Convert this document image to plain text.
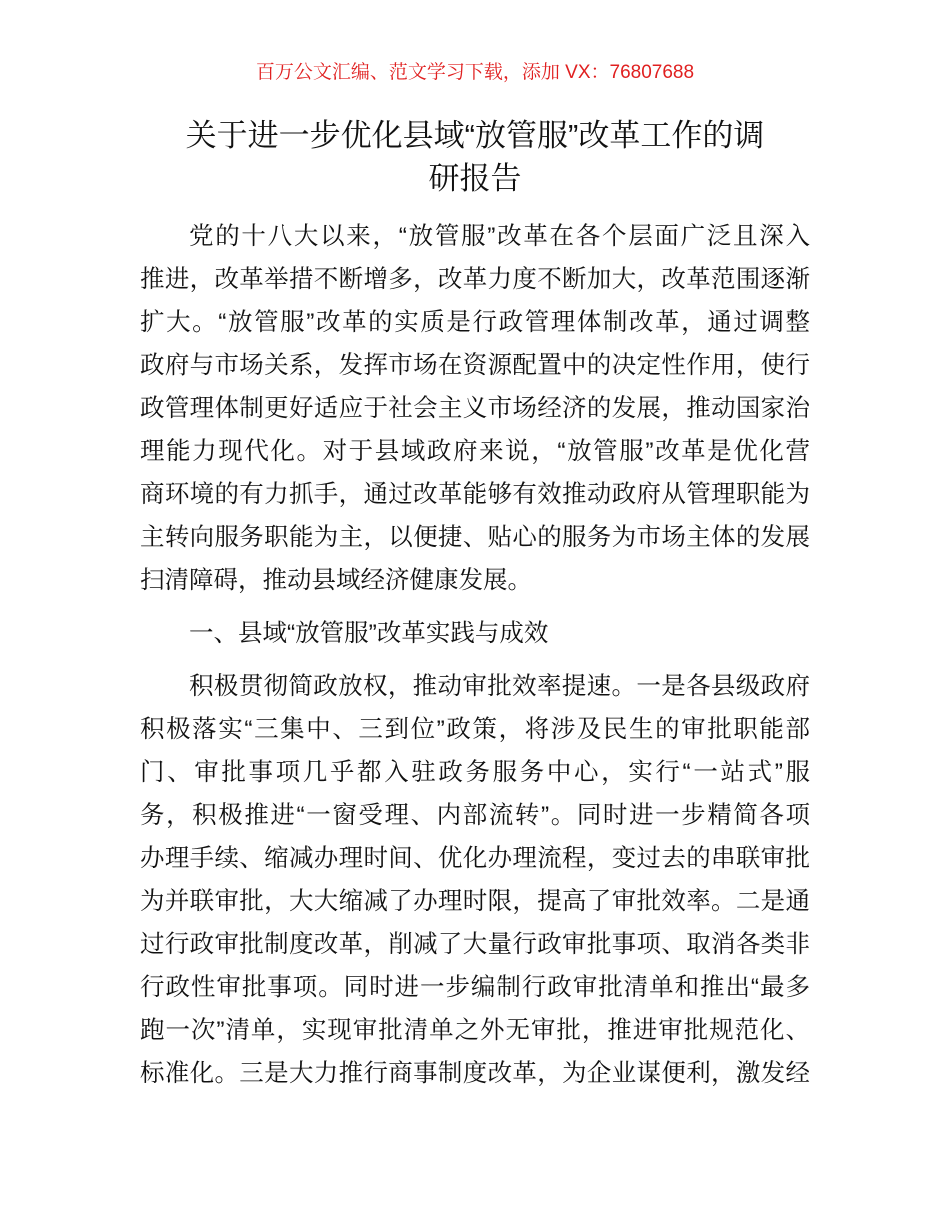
百万公文汇编、范文学习下载，添加 VX：76807688
关于进一步优化县域“放管服”改革工作的调
研报告
党的十八大以来，“放管服”改革在各个层面广泛且深入
推进，改革举措不断增多，改革力度不断加大，改革范围逐渐
扩大。“放管服”改革的实质是行政管理体制改革，通过调整
政府与市场关系，发挥市场在资源配置中的决定性作用，使行
政管理体制更好适应于社会主义市场经济的发展，推动国家治
理能力现代化。对于县域政府来说，“放管服”改革是优化营
商环境的有力抓手，通过改革能够有效推动政府从管理职能为
主转向服务职能为主，以便捷、贴心的服务为市场主体的发展
扫清障碍，推动县域经济健康发展。
一、县域“放管服”改革实践与成效
积极贯彻简政放权，推动审批效率提速。一是各县级政府
积极落实“三集中、三到位”政策，将涉及民生的审批职能部
门、审批事项几乎都入驻政务服务中心，实行“一站式”服
务，积极推进“一窗受理、内部流转”。同时进一步精简各项
办理手续、缩减办理时间、优化办理流程，变过去的串联审批
为并联审批，大大缩减了办理时限，提高了审批效率。二是通
过行政审批制度改革，削减了大量行政审批事项、取消各类非
行政性审批事项。同时进一步编制行政审批清单和推出“最多
跑一次”清单，实现审批清单之外无审批，推进审批规范化、
标准化。三是大力推行商事制度改革，为企业谋便利，激发经
